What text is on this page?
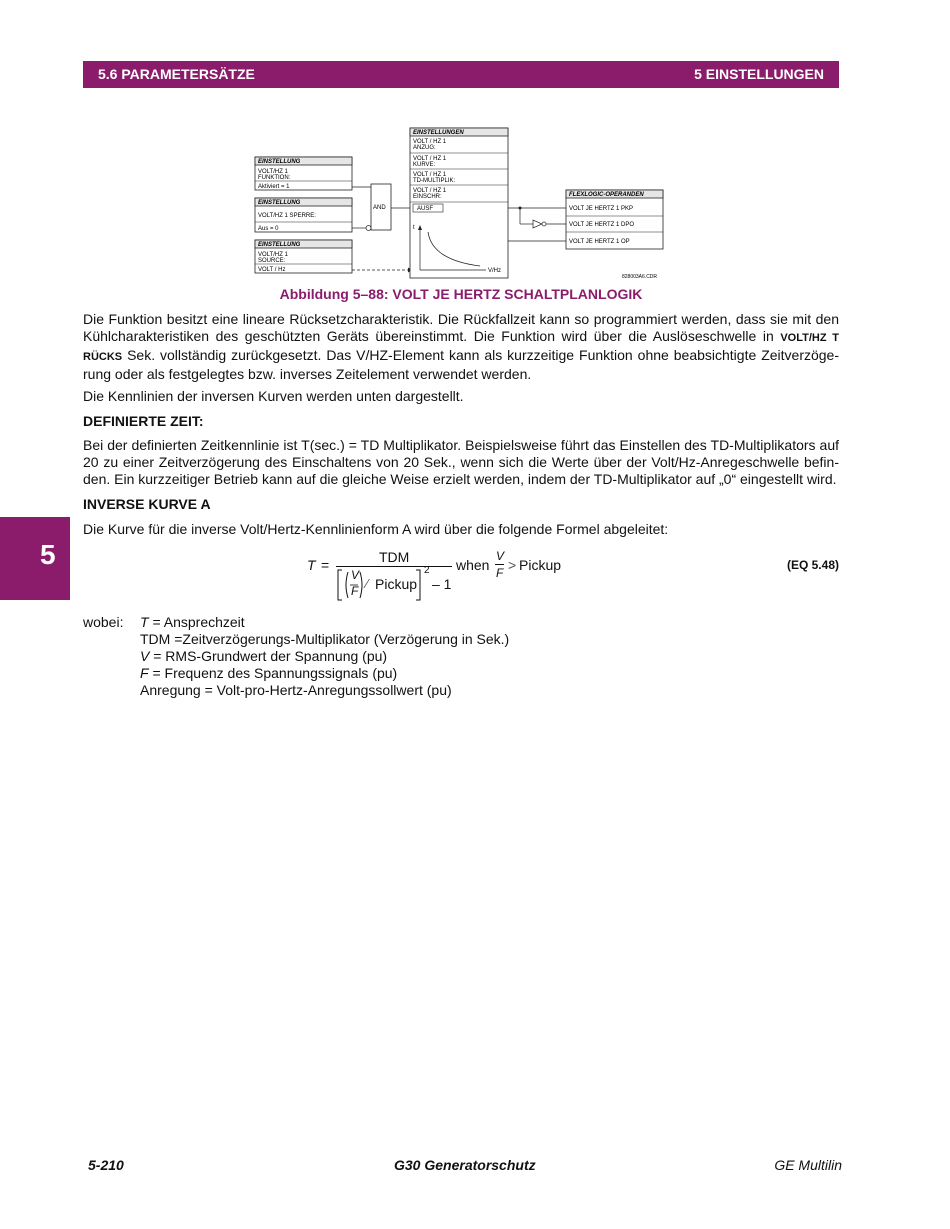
5.6 PARAMETERSÄTZE	5 EINSTELLUNGEN
5
EINSTELLUNG
VOLT/HZ 1
FUNKTION:
Aktiviert = 1
EINSTELLUNG
VOLT/HZ 1 SPERRE:
Aus = 0
EINSTELLUNG
VOLT/HZ 1
SOURCE:
VOLT / Hz
AND
EINSTELLUNGEN
VOLT / HZ 1
ANZUG:
VOLT / HZ 1
KURVE:
VOLT / HZ 1
TD-MULTIPLIK:
VOLT / HZ 1
EINSCHR:
AUSF
t
V/Hz
FLEXLOGIC-OPERANDEN
VOLT JE HERTZ 1 PKP
VOLT JE HERTZ 1 DPO
VOLT JE HERTZ 1 OP
828003A6.CDR
Abbildung 5–88: VOLT JE HERTZ SCHALTPLANLOGIK
Die Funktion besitzt eine lineare Rücksetzcharakteristik. Die Rückfallzeit kann so programmiert werden, dass sie mit den Kühlcharakteristiken des geschützten Geräts übereinstimmt. Die Funktion wird über die Auslöseschwelle in VOLT/HZ T RÜCKS Sek. vollständig zurückgesetzt. Das V/HZ-Element kann als kurzzeitige Funktion ohne beabsichtigte Zeitverzöge-rung oder als festgelegtes bzw. inverses Zeitelement verwendet werden.
Die Kennlinien der inversen Kurven werden unten dargestellt.
DEFINIERTE ZEIT:
Bei der definierten Zeitkennlinie ist T(sec.) = TD Multiplikator. Beispielsweise führt das Einstellen des TD-Multiplikators auf 20 zu einer Zeitverzögerung des Einschaltens von 20 Sek., wenn sich die Werte über der Volt/Hz-Anregeschwelle befin-den. Ein kurzzeitiger Betrieb kann auf die gleiche Weise erzielt werden, indem der TD-Multiplikator auf „0“ eingestellt wird.
INVERSE KURVE A
Die Kurve für die inverse Volt/Hertz-Kennlinienform A wird über die folgende Formel abgeleitet:
T =	TDM
V
F ⁄ Pickup
2
– 1
when
V
F > Pickup	(EQ 5.48)
wobei: T = Ansprechzeit
TDM =Zeitverzögerungs-Multiplikator (Verzögerung in Sek.)
V = RMS-Grundwert der Spannung (pu)
F = Frequenz des Spannungssignals (pu)
Anregung = Volt-pro-Hertz-Anregungssollwert (pu)
5-210	G30 Generatorschutz	GE Multilin
